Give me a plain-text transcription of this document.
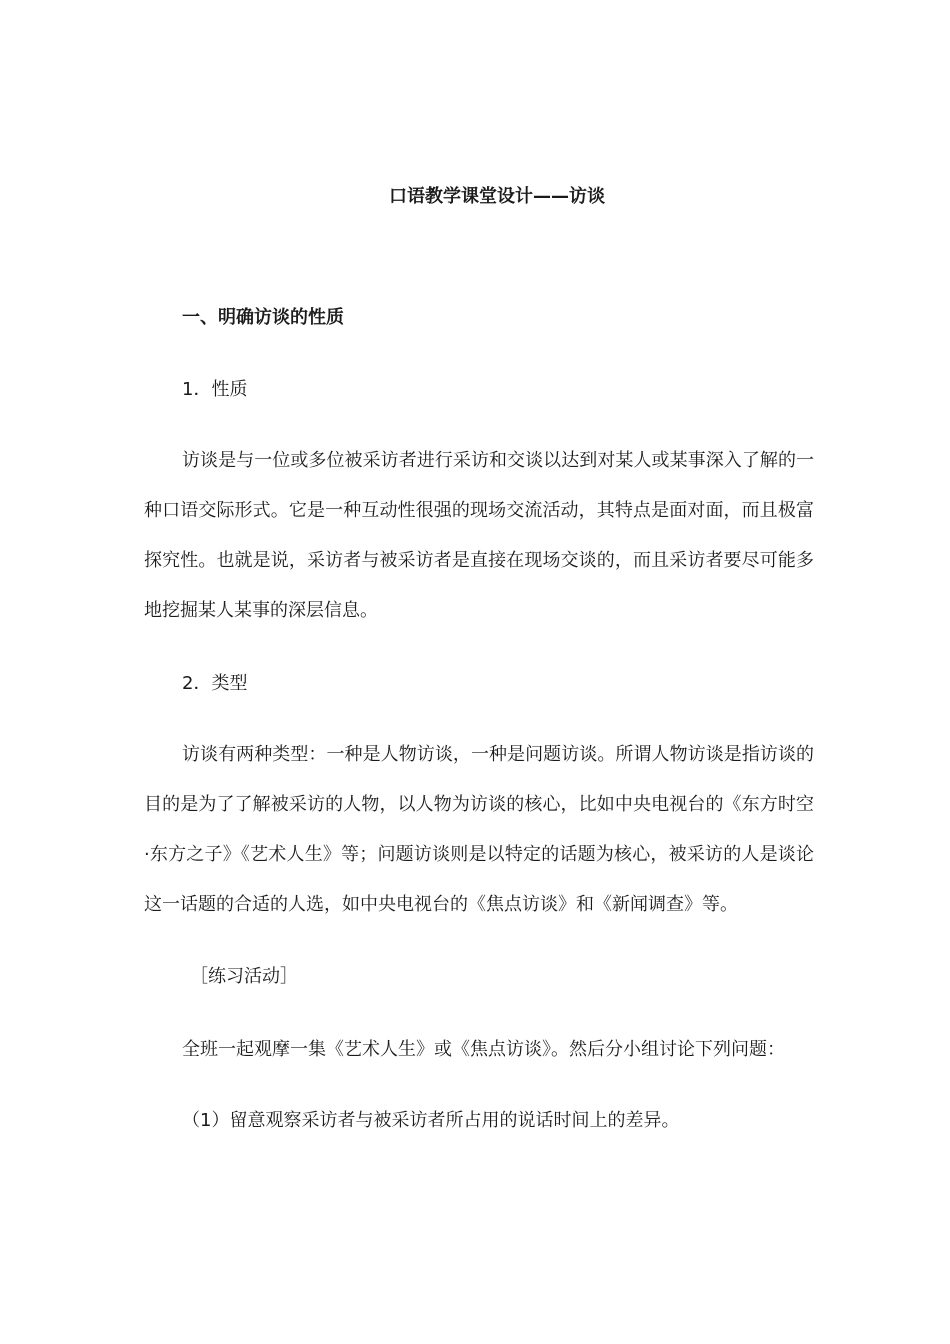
口语教学课堂设计——访谈
一、明确访谈的性质
1．性质

访谈是与一位或多位被采访者进行采访和交谈以达到对某人或某事深入了解的一种口语交际形式。它是一种互动性很强的现场交流活动，其特点是面对面，而且极富探究性。也就是说，采访者与被采访者是直接在现场交谈的，而且采访者要尽可能多地挖掘某人某事的深层信息。

2．类型

访谈有两种类型：一种是人物访谈，一种是问题访谈。所谓人物访谈是指访谈的目的是为了了解被采访的人物，以人物为访谈的核心，比如中央电视台的《东方时空·东方之子》《艺术人生》等；问题访谈则是以特定的话题为核心，被采访的人是谈论这一话题的合适的人选，如中央电视台的《焦点访谈》和《新闻调查》等。

［练习活动］
全班一起观摩一集《艺术人生》或《焦点访谈》。然后分小组讨论下列问题：
（1）留意观察采访者与被采访者所占用的说话时间上的差异。
